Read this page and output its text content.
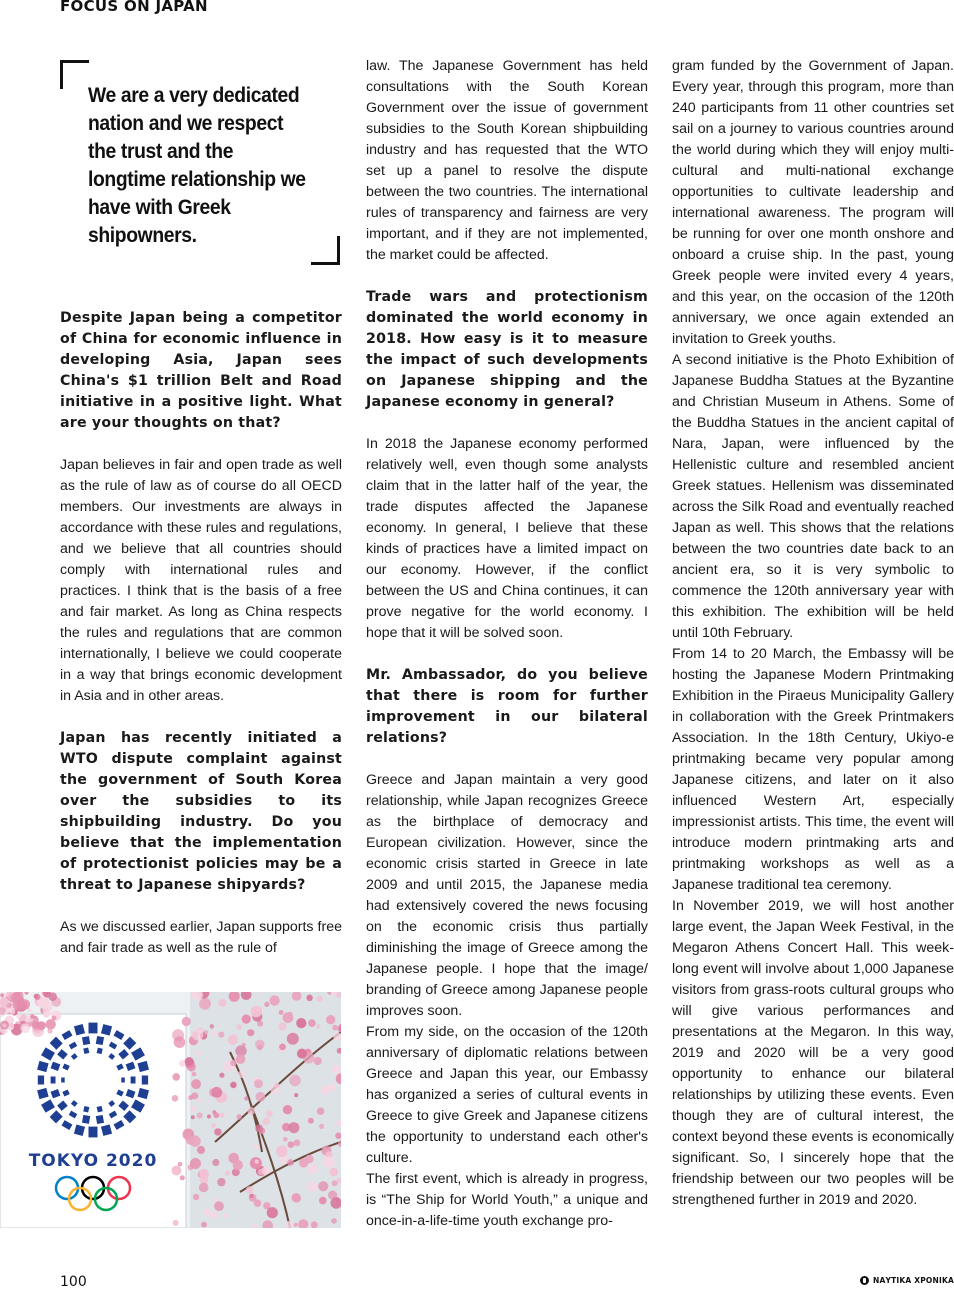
FOCUS ON JAPAN
We are a very dedicated nation and we respect the trust and the longtime relationship we have with Greek shipowners.

Despite Japan being a competitor of China for economic influence in developing Asia, Japan sees China's $1 trillion Belt and Road initiative in a positive light. What are your thoughts on that?

Japan believes in fair and open trade as well as the rule of law as of course do all OECD members. Our investments are always in accordance with these rules and regulations, and we believe that all countries should comply with international rules and practices. I think that is the basis of a free and fair market. As long as China respects the rules and regulations that are common internationally, I believe we could cooperate in a way that brings economic development in Asia and in other areas.

Japan has recently initiated a WTO dispute complaint against the government of South Korea over the subsidies to its shipbuilding industry. Do you believe that the implementation of protectionist policies may be a threat to Japanese shipyards?

As we discussed earlier, Japan supports free and fair trade as well as the rule of

law. The Japanese Government has held consultations with the South Korean Government over the issue of government subsidies to the South Korean shipbuilding industry and has requested that the WTO set up a panel to resolve the dispute between the two countries. The international rules of transparency and fairness are very important, and if they are not implemented, the market could be affected.

Trade wars and protectionism dominated the world economy in 2018. How easy is it to measure the impact of such developments on Japanese shipping and the Japanese economy in general?

In 2018 the Japanese economy performed relatively well, even though some analysts claim that in the latter half of the year, the trade disputes affected the Japanese economy. In general, I believe that these kinds of practices have a limited impact on our economy. However, if the conflict between the US and China continues, it can prove negative for the world economy. I hope that it will be solved soon.

Mr. Ambassador, do you believe that there is room for further improvement in our bilateral relations?

Greece and Japan maintain a very good relationship, while Japan recognizes Greece as the birthplace of democracy and European civilization. However, since the economic crisis started in Greece in late 2009 and until 2015, the Japanese media had extensively covered the news focusing on the economic crisis thus partially diminishing the image of Greece among the Japanese people. I hope that the image/ branding of Greece among Japanese people improves soon.

From my side, on the occasion of the 120th anniversary of diplomatic relations between Greece and Japan this year, our Embassy has organized a series of cultural events in Greece to give Greek and Japanese citizens the opportunity to understand each other's culture.

The first event, which is already in progress, is “The Ship for World Youth,” a unique and once-in-a-life-time youth exchange pro-

gram funded by the Government of Japan. Every year, through this program, more than 240 participants from 11 other countries set sail on a journey to various countries around the world during which they will enjoy multi-cultural and multi-national exchange opportunities to cultivate leadership and international awareness. The program will be running for over one month onshore and onboard a cruise ship. In the past, young Greek people were invited every 4 years, and this year, on the occasion of the 120th anniversary, we once again extended an invitation to Greek youths.

A second initiative is the Photo Exhibition of Japanese Buddha Statues at the Byzantine and Christian Museum in Athens. Some of the Buddha Statues in the ancient capital of Nara, Japan, were influenced by the Hellenistic culture and resembled ancient Greek statues. Hellenism was disseminated across the Silk Road and eventually reached Japan as well. This shows that the relations between the two countries date back to an ancient era, so it is very symbolic to commence the 120th anniversary year with this exhibition. The exhibition will be held until 10th February.

From 14 to 20 March, the Embassy will be hosting the Japanese Modern Printmaking Exhibition in the Piraeus Municipality Gallery in collaboration with the Greek Printmakers Association. In the 18th Century, Ukiyo-e printmaking became very popular among Japanese citizens, and later on it also influenced Western Art, especially impressionist artists. This time, the event will introduce modern printmaking arts and printmaking workshops as well as a Japanese traditional tea ceremony.

In November 2019, we will host another large event, the Japan Week Festival, in the Megaron Athens Concert Hall. This week-long event will involve about 1,000 Japanese visitors from grass-roots cultural groups who will give various performances and presentations at the Megaron. In this way, 2019 and 2020 will be a very good opportunity to enhance our bilateral relationships by utilizing these events. Even though they are of cultural interest, the context beyond these events is economically significant. So, I sincerely hope that the friendship between our two peoples will be strengthened further in 2019 and 2020.

TOKYO 2020
100	ΝΑΥΤΙΚΑ ΧΡΟΝΙΚΑ
